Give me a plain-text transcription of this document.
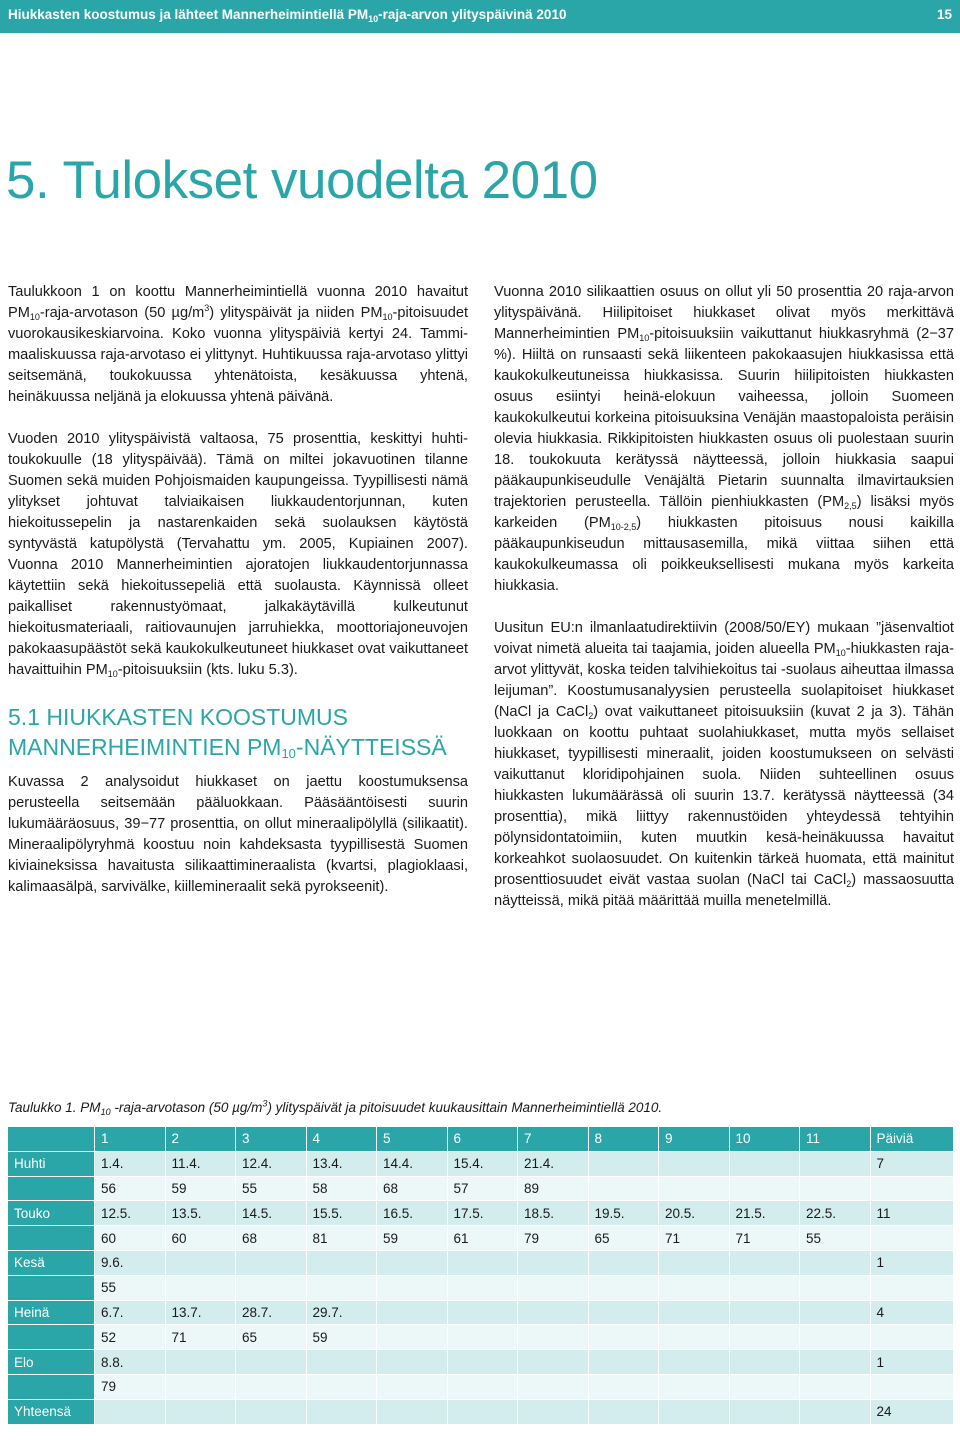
Hiukkasten koostumus ja lähteet Mannerheimintiellä $PM_{10}-raja$-arvon ylityspäivinä 2010	15
5. Tulokset vuodelta 2010

Taulukkoon 1 on koottu Mannerheimintiellä vuonna 2010 havaitut $PM_{10}-raja$-arvotason (50 $\mu g/m^3$) ylityspäivät ja niiden $PM_{10}$-pitoisuudet vuorokausikeskiarvoina. Koko vuonna ylityspäiviä kertyi 24. Tammi-maaliskuussa raja-arvotaso ei ylittynyt. Huhtikuussa raja-arvotaso ylittyi seitsemänä, toukokuussa yhtenätoista, kesäkuussa yhtenä, heinäkuussa neljänä ja elokuussa yhtenä päivänä.

Vuoden 2010 ylityspäivistä valtaosa, 75 prosenttia, keskittyi huhti-toukokuulle (18 ylityspäivää). Tämä on miltei jokavuotinen tilanne Suomen sekä muiden Pohjoismaiden kaupungeissa. Tyypillisesti nämä ylitykset johtuvat talviaikaisen liukkaudentorjunnan, kuten hiekoitussepelin ja nastarenkaiden sekä suolauksen käytöstä syntyvästä katupölystä (Tervahattu ym. 2005, Kupiainen 2007). Vuonna 2010 Mannerheimintien ajoratojen liukkaudentorjunnassa käytettiin sekä hiekoitussepeliä että suolausta. Käynnissä olleet paikalliset rakennustyömaat, jalkakäytävillä kulkeutunut hiekoitusmateriaali, raitiovaunujen jarruhiekka, moottoriajoneuvojen pakokaasupäästöt sekä kaukokulkeutuneet hiukkaset ovat vaikuttaneet havaittuihin $PM_{10}$-pitoisuuksiin (kts. luku 5.3).

5.1 HIUKKASTEN KOOSTUMUS
MANNERHEIMINTIEN $PM_{10}$-NÄYTTEISSÄ

Kuvassa 2 analysoidut hiukkaset on jaettu koostumuksensa perusteella seitsemään pääluokkaan. Pääsääntöisesti suurin lukumääräosuus, 39−77 prosenttia, on ollut mineraalipölyllä (silikaatit). Mineraalipölyryhmä koostuu noin kahdeksasta tyypillisestä Suomen kiviaineksissa havaitusta silikaattimineraalista (kvartsi, plagioklaasi, kalimaasälpä, sarvivälke, kiillemineraalit sekä pyrokseenit).

Vuonna 2010 silikaattien osuus on ollut yli 50 prosenttia 20 raja-arvon ylityspäivänä. Hiilipitoiset hiukkaset olivat myös merkittävä Mannerheimintien $PM_{10}$-pitoisuuksiin vaikuttanut hiukkasryhmä (2−37 %). Hiiltä on runsaasti sekä liikenteen pakokaasujen hiukkasissa että kaukokulkeutuneissa hiukkasissa. Suurin hiilipitoisten hiukkasten osuus esiintyi heinä-elokuun vaiheessa, jolloin Suomeen kaukokulkeutui korkeina pitoisuuksina Venäjän maastopaloista peräisin olevia hiukkasia. Rikkipitoisten hiukkasten osuus oli puolestaan suurin 18. toukokuuta kerätyssä näytteessä, jolloin hiukkasia saapui pääkaupunkiseudulle Venäjältä Pietarin suunnalta ilmavirtauksien trajektorien perusteella. Tällöin pienhiukkasten $(PM_{2,5})$ lisäksi myös karkeiden $(PM_{10-2,5})$ hiukkasten pitoisuus nousi kaikilla pääkaupunkiseudun mittausasemilla, mikä viittaa siihen että kaukokulkeumassa oli poikkeuksellisesti mukana myös karkeita hiukkasia.

Uusitun EU:n ilmanlaatudirektiivin (2008/50/EY) mukaan ”jäsenvaltiot voivat nimetä alueita tai taajamia, joiden alueella $PM_{10}$-hiukkasten raja-arvot ylittyvät, koska teiden talvihiekoitus tai -suolaus aiheuttaa ilmassa leijuman”. Koostumusanalyysien perusteella suolapitoiset hiukkaset (NaCl ja CaCl$_2$) ovat vaikuttaneet pitoisuuksiin (kuvat 2 ja 3). Tähän luokkaan on koottu puhtaat suolahiukkaset, mutta myös sellaiset hiukkaset, tyypillisesti mineraalit, joiden koostumukseen on selvästi vaikuttanut kloridipohjainen suola. Niiden suhteellinen osuus hiukkasten lukumäärässä oli suurin 13.7. kerätyssä näytteessä (34 prosenttia), mikä liittyy rakennustöiden yhteydessä tehtyihin pölynsidontatoimiin, kuten muutkin kesä-heinäkuussa havaitut korkeahkot suolaosuudet. On kuitenkin tärkeä huomata, että mainitut prosenttiosuudet eivät vastaa suolan (NaCl tai CaCl$_2$) massaosuutta näytteissä, mikä pitää määrittää muilla menetelmillä.

Taulukko 1. $PM_{10}$ -raja-arvotason (50 $\mu g/m^3$) ylityspäivät ja pitoisuudet kuukausittain Mannerheimintiellä 2010.
	1	2	3	4	5	6	7	8	9	10	11	Päiviä
Huhti	1.4.	11.4.	12.4.	13.4.	14.4.	15.4.	21.4.					7
	56	59	55	58	68	57	89					
Touko	12.5.	13.5.	14.5.	15.5.	16.5.	17.5.	18.5.	19.5.	20.5.	21.5.	22.5.	11
	60	60	68	81	59	61	79	65	71	71	55	
Kesä	9.6.											1
	55											
Heinä	6.7.	13.7.	28.7.	29.7.								4
	52	71	65	59								
Elo	8.8.											1
	79											
Yhteensä												24
